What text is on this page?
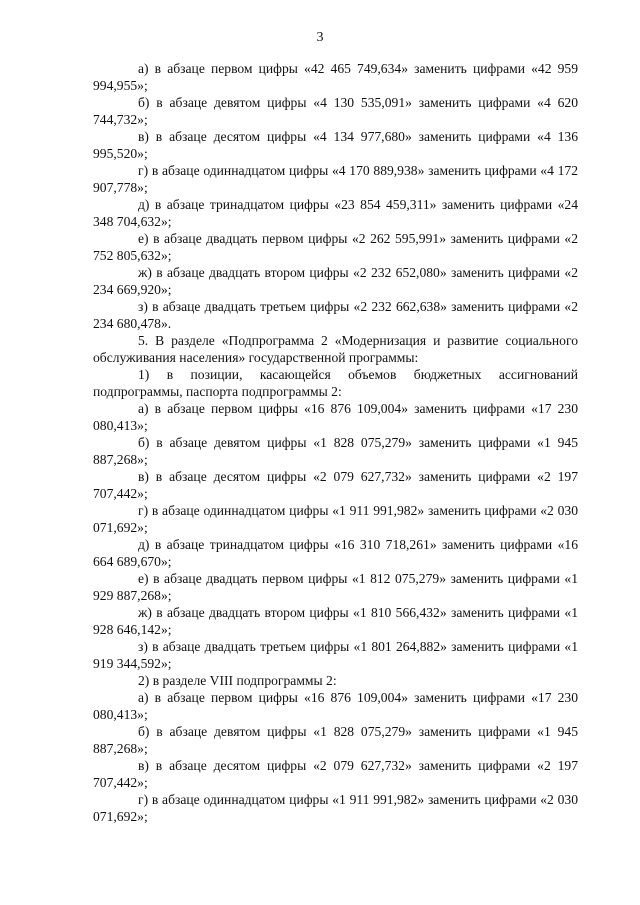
3

а) в абзаце первом цифры «42 465 749,634» заменить цифрами «42 959 994,955»;

б) в абзаце девятом цифры «4 130 535,091» заменить цифрами «4 620 744,732»;

в) в абзаце десятом цифры «4 134 977,680» заменить цифрами «4 136 995,520»;

г) в абзаце одиннадцатом цифры «4 170 889,938» заменить цифрами «4 172 907,778»;

д) в абзаце тринадцатом цифры «23 854 459,311» заменить цифрами «24 348 704,632»;

е) в абзаце двадцать первом цифры «2 262 595,991» заменить цифрами «2 752 805,632»;

ж) в абзаце двадцать втором цифры «2 232 652,080» заменить цифрами «2 234 669,920»;

з) в абзаце двадцать третьем цифры «2 232 662,638» заменить цифрами «2 234 680,478».

5. В разделе «Подпрограмма 2 «Модернизация и развитие социального обслуживания населения» государственной программы:

1) в позиции, касающейся объемов бюджетных ассигнований подпрограммы, паспорта подпрограммы 2:

а) в абзаце первом цифры «16 876 109,004» заменить цифрами «17 230 080,413»;

б) в абзаце девятом цифры «1 828 075,279» заменить цифрами «1 945 887,268»;

в) в абзаце десятом цифры «2 079 627,732» заменить цифрами «2 197 707,442»;

г) в абзаце одиннадцатом цифры «1 911 991,982» заменить цифрами «2 030 071,692»;

д) в абзаце тринадцатом цифры «16 310 718,261» заменить цифрами «16 664 689,670»;

е) в абзаце двадцать первом цифры «1 812 075,279» заменить цифрами «1 929 887,268»;

ж) в абзаце двадцать втором цифры «1 810 566,432» заменить цифрами «1 928 646,142»;

з) в абзаце двадцать третьем цифры «1 801 264,882» заменить цифрами «1 919 344,592»;

2) в разделе VIII подпрограммы 2:

а) в абзаце первом цифры «16 876 109,004» заменить цифрами «17 230 080,413»;

б) в абзаце девятом цифры «1 828 075,279» заменить цифрами «1 945 887,268»;

в) в абзаце десятом цифры «2 079 627,732» заменить цифрами «2 197 707,442»;

г) в абзаце одиннадцатом цифры «1 911 991,982» заменить цифрами «2 030 071,692»;
